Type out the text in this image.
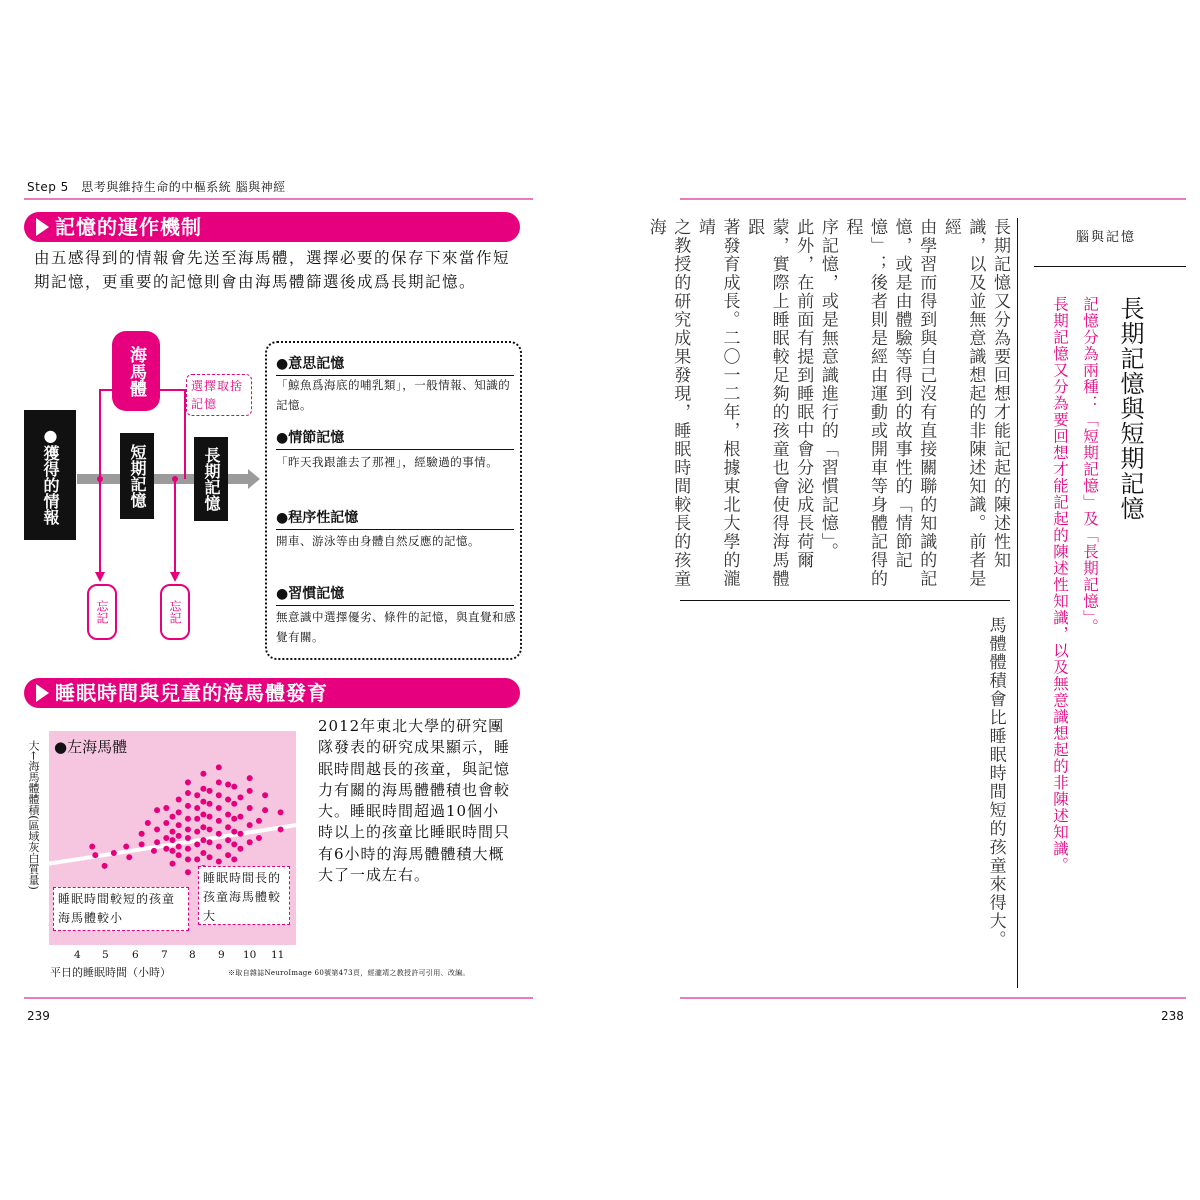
Step 5　思考與維持生命的中樞系統 腦與神經
記憶的運作機制
由五感得到的情報會先送至海馬體，選擇必要的保存下來當作短期記憶，更重要的記憶則會由海馬體篩選後成爲長期記憶。
●獲得的情報	短期記憶	長期記憶
海馬體	選擇取捨記憶
忘記	忘記
●意思記憶
「鯨魚爲海底的哺乳類」，一般情報、知識的記憶。
●情節記憶
「昨天我跟誰去了那裡」，經驗過的事情。
●程序性記憶
開車、游泳等由身體自然反應的記憶。
●習慣記憶
無意識中選擇優劣、條件的記憶，與直覺和感覺有關。
睡眠時間與兒童的海馬體發育
●左海馬體
大←海馬體體積(區域灰白質量)
睡眠時間較短的孩童海馬體較小
睡眠時間長的孩童海馬體較大
4 5 6 7 8 9 10 11
平日的睡眠時間（小時）
2012年東北大學的研究團隊發表的研究成果顯示，睡眠時間越長的孩童，與記憶力有關的海馬體體積也會較大。睡眠時間超過10個小時以上的孩童比睡眠時間只有6小時的海馬體體積大概大了一成左右。
※取自雜誌NeuroImage 60號第473頁，經瀧靖之教授許可引用、改編。
239
腦與記憶
長期記憶與短期記憶
記憶分為兩種：「短期記憶」及「長期記憶」。
長期記憶又分為要回想才能記起的陳述性知識，以及無意識想起的非陳述知識。
長期記憶又分為要回想才能記起的陳述性知
識，以及並無意識想起的非陳述知識。前者是經
由學習而得到與自己沒有直接關聯的知識的記
憶，或是由體驗等得到的故事性的「情節記
憶」；後者則是經由運動或開車等身體記得的程
序記憶，或是無意識進行的「習慣記憶」。
此外，在前面有提到睡眠中會分泌成長荷爾
蒙，實際上睡眠較足夠的孩童也會使得海馬體跟
著發育成長。二〇一二年，根據東北大學的瀧靖
之教授的研究成果發現，睡眠時間較長的孩童海
馬體體積會比睡眠時間短的孩童來得大。
238
